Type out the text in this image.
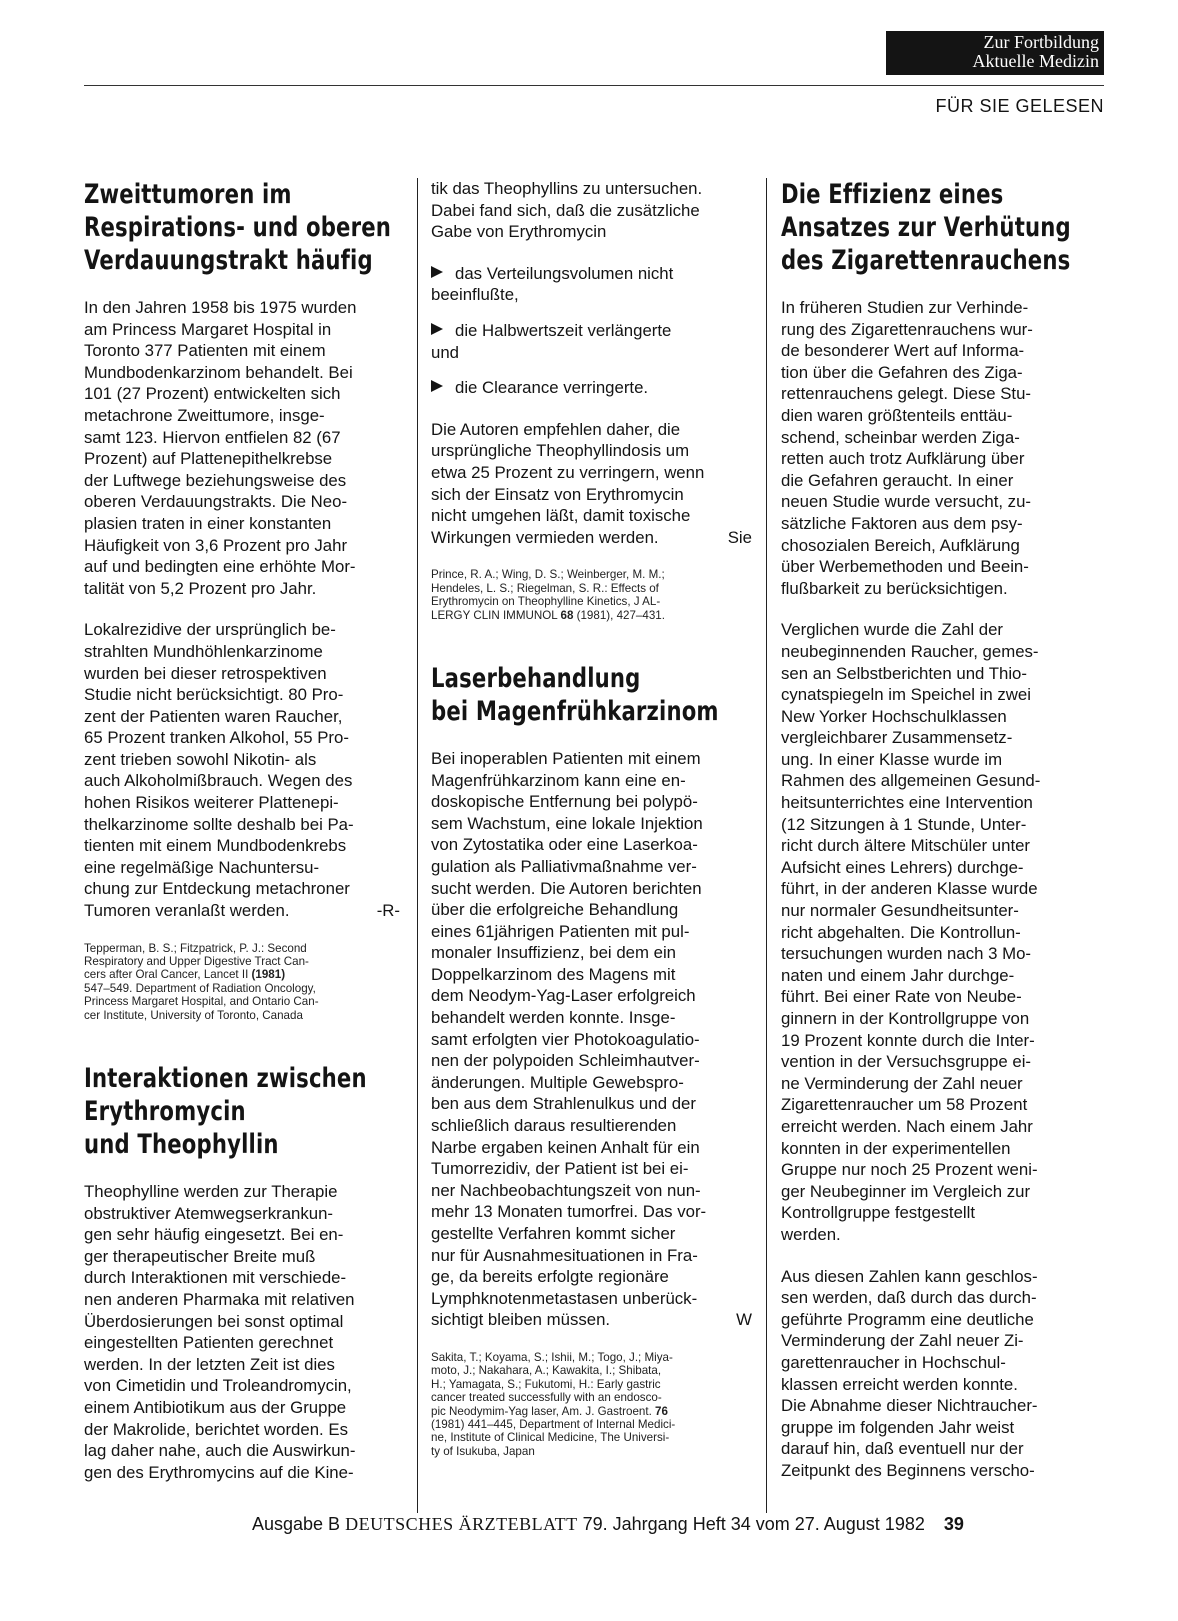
Zur Fortbildung
Aktuelle Medizin
FÜR SIE GELESEN
Zweittumoren im
Respirations- und oberen
Verdauungstrakt häufig

In den Jahren 1958 bis 1975 wurden
am Princess Margaret Hospital in
Toronto 377 Patienten mit einem
Mundbodenkarzinom behandelt. Bei
101 (27 Prozent) entwickelten sich
metachrone Zweittumore, insge-
samt 123. Hiervon entfielen 82 (67
Prozent) auf Plattenepithelkrebse
der Luftwege beziehungsweise des
oberen Verdauungstrakts. Die Neo-
plasien traten in einer konstanten
Häufigkeit von 3,6 Prozent pro Jahr
auf und bedingten eine erhöhte Mor-
talität von 5,2 Prozent pro Jahr.

Lokalrezidive der ursprünglich be-
strahlten Mundhöhlenkarzinome
wurden bei dieser retrospektiven
Studie nicht berücksichtigt. 80 Pro-
zent der Patienten waren Raucher,
65 Prozent tranken Alkohol, 55 Pro-
zent trieben sowohl Nikotin- als
auch Alkoholmißbrauch. Wegen des
hohen Risikos weiterer Plattenepi-
thelkarzinome sollte deshalb bei Pa-
tienten mit einem Mundbodenkrebs
eine regelmäßige Nachuntersu-
chung zur Entdeckung metachroner
Tumoren veranlaßt werden.	-R-

Tepperman, B. S.; Fitzpatrick, P. J.: Second
Respiratory and Upper Digestive Tract Can-
cers after Oral Cancer, Lancet II (1981)
547–549. Department of Radiation Oncology,
Princess Margaret Hospital, and Ontario Can-
cer Institute, University of Toronto, Canada
Interaktionen zwischen
Erythromycin
und Theophyllin

Theophylline werden zur Therapie
obstruktiver Atemwegserkrankun-
gen sehr häufig eingesetzt. Bei en-
ger therapeutischer Breite muß
durch Interaktionen mit verschiede-
nen anderen Pharmaka mit relativen
Überdosierungen bei sonst optimal
eingestellten Patienten gerechnet
werden. In der letzten Zeit ist dies
von Cimetidin und Troleandromycin,
einem Antibiotikum aus der Gruppe
der Makrolide, berichtet worden. Es
lag daher nahe, auch die Auswirkun-
gen des Erythromycins auf die Kine-

tik das Theophyllins zu untersuchen.
Dabei fand sich, daß die zusätzliche
Gabe von Erythromycin

das Verteilungsvolumen nicht
beeinflußte,
die Halbwertszeit verlängerte
und
die Clearance verringerte.

Die Autoren empfehlen daher, die
ursprüngliche Theophyllindosis um
etwa 25 Prozent zu verringern, wenn
sich der Einsatz von Erythromycin
nicht umgehen läßt, damit toxische
Wirkungen vermieden werden.	Sie

Prince, R. A.; Wing, D. S.; Weinberger, M. M.;
Hendeles, L. S.; Riegelman, S. R.: Effects of
Erythromycin on Theophylline Kinetics, J AL-
LERGY CLIN IMMUNOL 68 (1981), 427–431.
Laserbehandlung
bei Magenfrühkarzinom

Bei inoperablen Patienten mit einem
Magenfrühkarzinom kann eine en-
doskopische Entfernung bei polypö-
sem Wachstum, eine lokale Injektion
von Zytostatika oder eine Laserkoa-
gulation als Palliativmaßnahme ver-
sucht werden. Die Autoren berichten
über die erfolgreiche Behandlung
eines 61jährigen Patienten mit pul-
monaler Insuffizienz, bei dem ein
Doppelkarzinom des Magens mit
dem Neodym-Yag-Laser erfolgreich
behandelt werden konnte. Insge-
samt erfolgten vier Photokoagulatio-
nen der polypoiden Schleimhautver-
änderungen. Multiple Gewebspro-
ben aus dem Strahlenulkus und der
schließlich daraus resultierenden
Narbe ergaben keinen Anhalt für ein
Tumorrezidiv, der Patient ist bei ei-
ner Nachbeobachtungszeit von nun-
mehr 13 Monaten tumorfrei. Das vor-
gestellte Verfahren kommt sicher
nur für Ausnahmesituationen in Fra-
ge, da bereits erfolgte regionäre
Lymphknotenmetastasen unberück-
sichtigt bleiben müssen.	W

Sakita, T.; Koyama, S.; Ishii, M.; Togo, J.; Miya-
moto, J.; Nakahara, A.; Kawakita, I.; Shibata,
H.; Yamagata, S.; Fukutomi, H.: Early gastric
cancer treated successfully with an endosco-
pic Neodymim-Yag laser, Am. J. Gastroent. 76
(1981) 441–445, Department of Internal Medici-
ne, Institute of Clinical Medicine, The Universi-
ty of Isukuba, Japan
Die Effizienz eines
Ansatzes zur Verhütung
des Zigarettenrauchens

In früheren Studien zur Verhinde-
rung des Zigarettenrauchens wur-
de besonderer Wert auf Informa-
tion über die Gefahren des Ziga-
rettenrauchens gelegt. Diese Stu-
dien waren größtenteils enttäu-
schend, scheinbar werden Ziga-
retten auch trotz Aufklärung über
die Gefahren geraucht. In einer
neuen Studie wurde versucht, zu-
sätzliche Faktoren aus dem psy-
chosozialen Bereich, Aufklärung
über Werbemethoden und Beein-
flußbarkeit zu berücksichtigen.

Verglichen wurde die Zahl der
neubeginnenden Raucher, gemes-
sen an Selbstberichten und Thio-
cynatspiegeln im Speichel in zwei
New Yorker Hochschulklassen
vergleichbarer Zusammensetz-
ung. In einer Klasse wurde im
Rahmen des allgemeinen Gesund-
heitsunterrichtes eine Intervention
(12 Sitzungen à 1 Stunde, Unter-
richt durch ältere Mitschüler unter
Aufsicht eines Lehrers) durchge-
führt, in der anderen Klasse wurde
nur normaler Gesundheitsunter-
richt abgehalten. Die Kontrollun-
tersuchungen wurden nach 3 Mo-
naten und einem Jahr durchge-
führt. Bei einer Rate von Neube-
ginnern in der Kontrollgruppe von
19 Prozent konnte durch die Inter-
vention in der Versuchsgruppe ei-
ne Verminderung der Zahl neuer
Zigarettenraucher um 58 Prozent
erreicht werden. Nach einem Jahr
konnten in der experimentellen
Gruppe nur noch 25 Prozent weni-
ger Neubeginner im Vergleich zur
Kontrollgruppe festgestellt
werden.

Aus diesen Zahlen kann geschlos-
sen werden, daß durch das durch-
geführte Programm eine deutliche
Verminderung der Zahl neuer Zi-
garettenraucher in Hochschul-
klassen erreicht werden konnte.
Die Abnahme dieser Nichtraucher-
gruppe im folgenden Jahr weist
darauf hin, daß eventuell nur der
Zeitpunkt des Beginnens verscho-

Ausgabe B DEUTSCHES ÄRZTEBLATT 79. Jahrgang Heft 34 vom 27. August 1982 39
